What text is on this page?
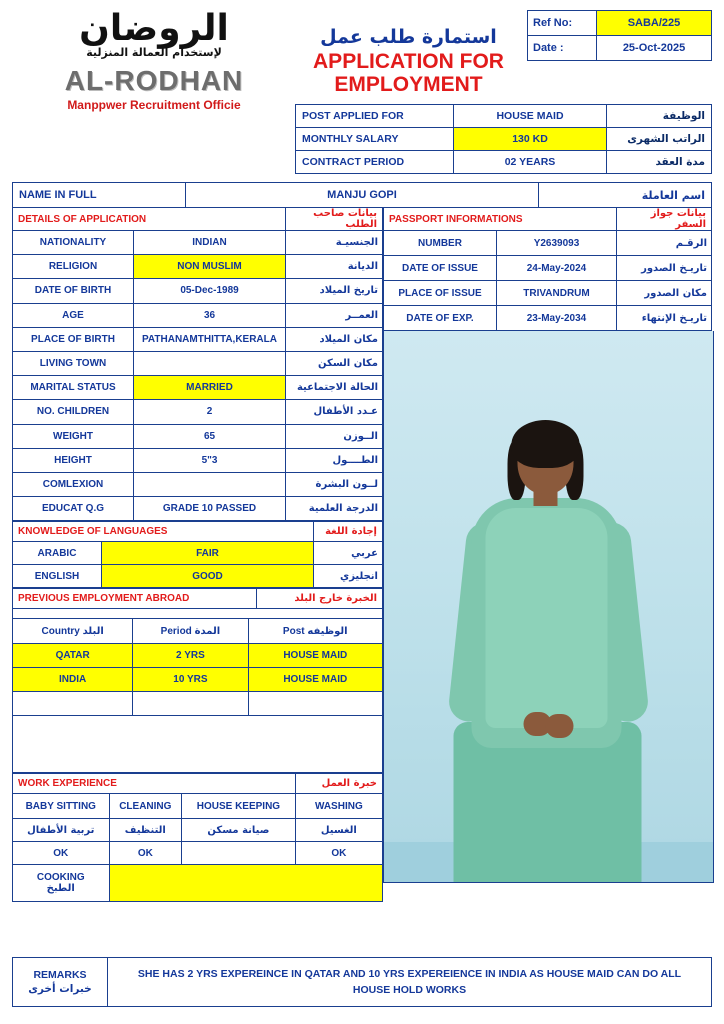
الروضان
لإستخدام العمالة المنزلية
AL-RODHAN
Manppwer Recruitment Officie
استمارة طلب عمل
APPLICATION FOR
EMPLOYMENT
Ref No:	SABA/225
Date :	25-Oct-2025
POST APPLIED FOR	HOUSE MAID	الوظيفة
MONTHLY SALARY	130 KD	الراتب الشهرى
CONTRACT PERIOD	02 YEARS	مدة العقد
NAME IN FULL	MANJU GOPI	اسم العاملة
DETAILS OF APPLICATION		بيانات صاحب الطلب
NATIONALITY	INDIAN	الجنسيـة
RELIGION	NON MUSLIM	الديانة
DATE OF BIRTH	05-Dec-1989	تاريخ الميلاد
AGE	36	العمــر
PLACE OF BIRTH	PATHANAMTHITTA,KERALA	مكان الميلاد
LIVING TOWN		مكان السكن
MARITAL STATUS	MARRIED	الحالة الاجتماعية
NO. CHILDREN	2	عـدد الأطفال
WEIGHT	65	الــوزن
HEIGHT	5"3	الطــــول
COMLEXION		لــون البشرة
EDUCAT Q.G	GRADE 10 PASSED	الدرجة العلمية
KNOWLEDGE OF LANGUAGES		إجادة اللغة
ARABIC	FAIR	عربي
ENGLISH	GOOD	انجليزي
PREVIOUS EMPLOYMENT ABROAD	الخبرة خارج البلد
Country البلد	Period المدة	Post الوظيفه
QATAR	2 YRS	HOUSE MAID
INDIA	10 YRS	HOUSE MAID

WORK EXPERIENCE			خبرة العمل
BABY SITTING	CLEANING	HOUSE KEEPING	WASHING
تربية الأطفال	التنظيف	صيانة مسكن	الغسيل
OK	OK		OK

COOKING
الطبخ			

PASSPORT INFORMATIONS		بيانات جواز السفر
NUMBER	Y2639093	الرقـم
DATE OF ISSUE	24-May-2024	تاريـخ الصدور
PLACE OF ISSUE	TRIVANDRUM	مكان الصدور
DATE OF EXP.	23-May-2034	تاريـخ الإنتهاء
REMARKS
خبرات أخرى
	SHE HAS 2 YRS EXPEREINCE IN QATAR AND 10 YRS EXPEREIENCE IN INDIA AS HOUSE MAID CAN DO ALL HOUSE HOLD WORKS
